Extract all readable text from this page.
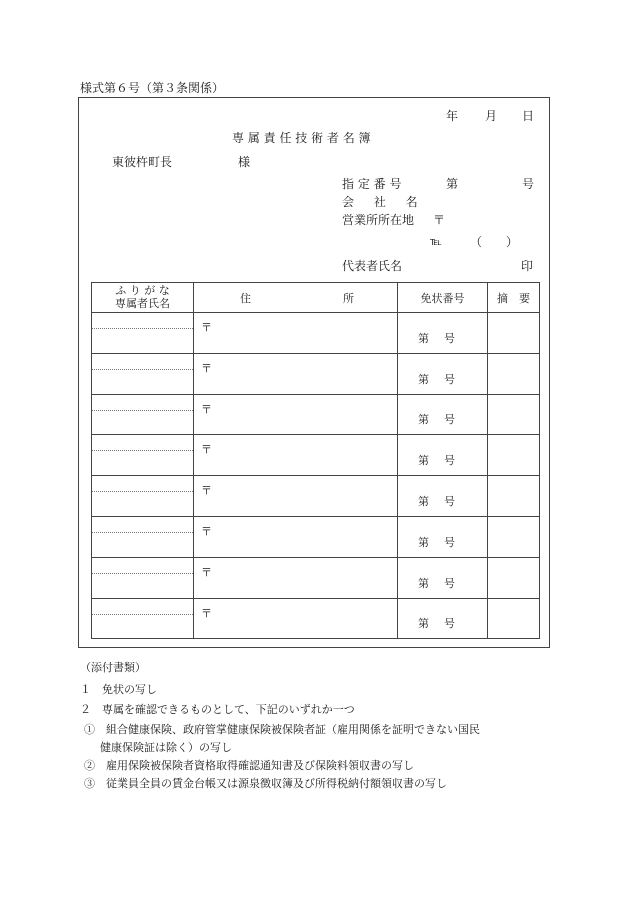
様式第６号（第３条関係）
年 月 日
専 属 責 任 技 術 者 名 簿
東彼杵町長	様
指 定 番 号	第	号
会 社 名
営業所所在地 〒
℡ （　）
代表者氏名	印
ふ り が な
専属者氏名	住 所	免状番号	摘　要

	〒	第 号	

	〒	第 号	

	〒	第 号	

	〒	第 号	

	〒	第 号	

	〒	第 号	

	〒	第 号	

	〒	第 号	

（添付書類）
１　免状の写し
２　専属を確認できるものとして、下記のいずれか一つ
①　組合健康保険、政府管掌健康保険被保険者証（雇用関係を証明できない国民
健康保険証は除く）の写し
②　雇用保険被保険者資格取得確認通知書及び保険料領収書の写し
③　従業員全員の賃金台帳又は源泉徴収簿及び所得税納付額領収書の写し
